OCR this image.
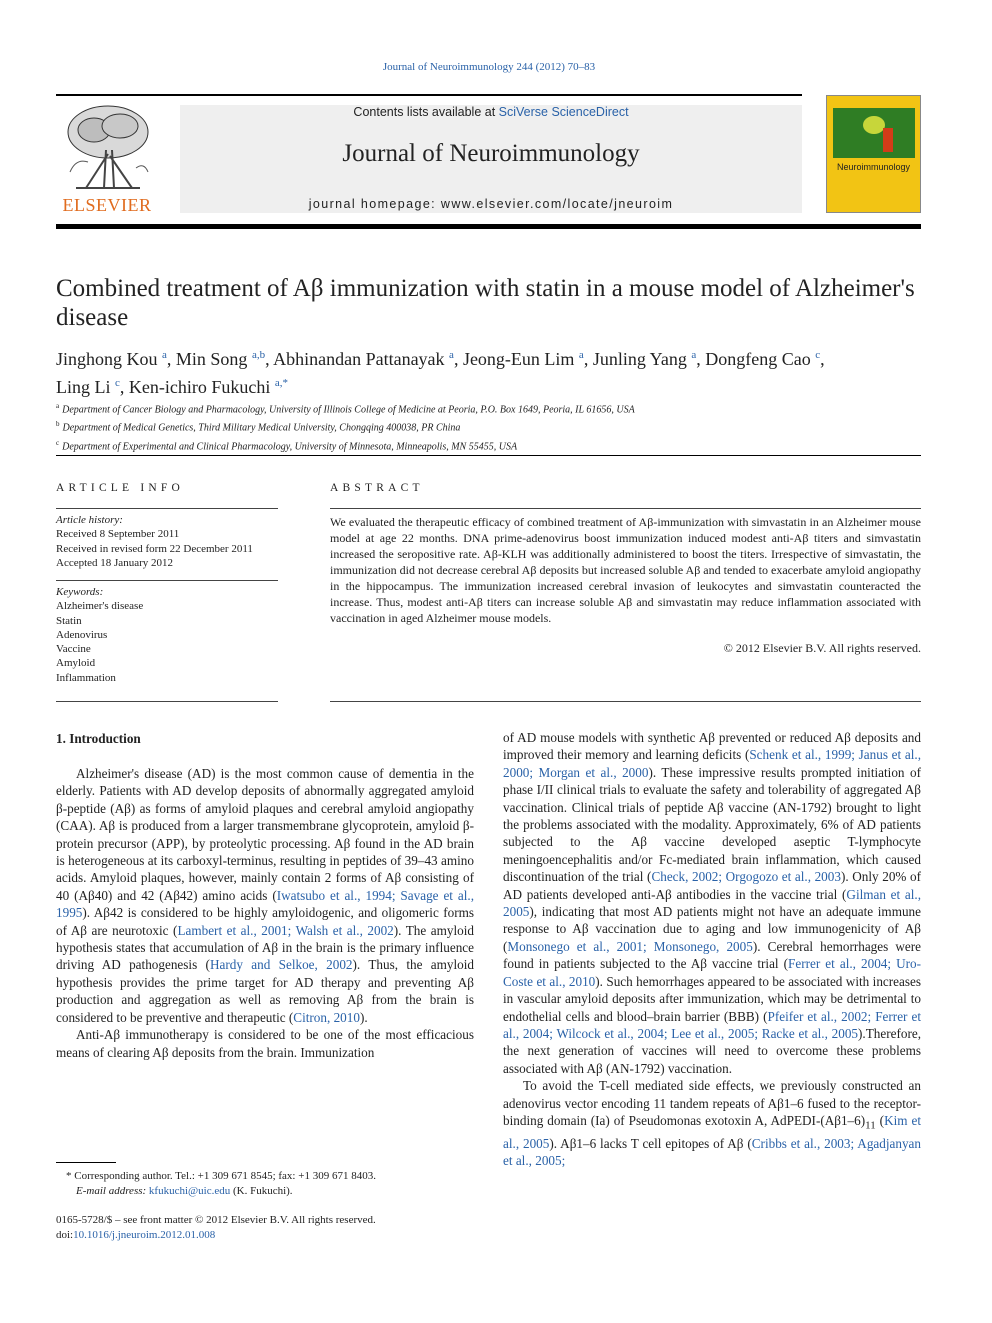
Journal of Neuroimmunology 244 (2012) 70–83
ELSEVIER
Contents lists available at SciVerse ScienceDirect
Journal of Neuroimmunology
journal homepage: www.elsevier.com/locate/jneuroim
Neuroimmunology
Combined treatment of Aβ immunization with statin in a mouse model of Alzheimer's disease
Jinghong Kou $^a$, Min Song $^{a,b}$, Abhinandan Pattanayak $^a$, Jeong-Eun Lim $^a$, Junling Yang $^a$, Dongfeng Cao $^c$,
Ling Li $^c$, Ken-ichiro Fukuchi $^{a,*}$
$^a$ Department of Cancer Biology and Pharmacology, University of Illinois College of Medicine at Peoria, P.O. Box 1649, Peoria, IL 61656, USA
$^b$ Department of Medical Genetics, Third Military Medical University, Chongqing 400038, PR China
$^c$ Department of Experimental and Clinical Pharmacology, University of Minnesota, Minneapolis, MN 55455, USA
ARTICLE INFO	ABSTRACT
Article history:
Received 8 September 2011
Received in revised form 22 December 2011
Accepted 18 January 2012
Keywords:
Alzheimer's disease
Statin
Adenovirus
Vaccine
Amyloid
Inflammation
We evaluated the therapeutic efficacy of combined treatment of Aβ-immunization with simvastatin in an Alzheimer mouse model at age 22 months. DNA prime-adenovirus boost immunization induced modest anti-Aβ titers and simvastatin increased the seropositive rate. Aβ-KLH was additionally administered to boost the titers. Irrespective of simvastatin, the immunization did not decrease cerebral Aβ deposits but increased soluble Aβ and tended to exacerbate amyloid angiopathy in the hippocampus. The immunization increased cerebral invasion of leukocytes and simvastatin counteracted the increase. Thus, modest anti-Aβ titers can increase soluble Aβ and simvastatin may reduce inflammation associated with vaccination in aged Alzheimer mouse models.
© 2012 Elsevier B.V. All rights reserved.
1. Introduction

Alzheimer's disease (AD) is the most common cause of dementia in the elderly. Patients with AD develop deposits of abnormally aggregated amyloid β-peptide (Aβ) as forms of amyloid plaques and cerebral amyloid angiopathy (CAA). Aβ is produced from a larger transmembrane glycoprotein, amyloid β-protein precursor (APP), by proteolytic processing. Aβ found in the AD brain is heterogeneous at its carboxyl-terminus, resulting in peptides of 39–43 amino acids. Amyloid plaques, however, mainly contain 2 forms of Aβ consisting of 40 (Aβ40) and 42 (Aβ42) amino acids (Iwatsubo et al., 1994; Savage et al., 1995). Aβ42 is considered to be highly amyloidogenic, and oligomeric forms of Aβ are neurotoxic (Lambert et al., 2001; Walsh et al., 2002). The amyloid hypothesis states that accumulation of Aβ in the brain is the primary influence driving AD pathogenesis (Hardy and Selkoe, 2002). Thus, the amyloid hypothesis provides the prime target for AD therapy and preventing Aβ production and aggregation as well as removing Aβ from the brain is considered to be preventive and therapeutic (Citron, 2010).

Anti-Aβ immunotherapy is considered to be one of the most efficacious means of clearing Aβ deposits from the brain. Immunization

of AD mouse models with synthetic Aβ prevented or reduced Aβ deposits and improved their memory and learning deficits (Schenk et al., 1999; Janus et al., 2000; Morgan et al., 2000). These impressive results prompted initiation of phase I/II clinical trials to evaluate the safety and tolerability of aggregated Aβ vaccination. Clinical trials of peptide Aβ vaccine (AN-1792) brought to light the problems associated with the modality. Approximately, 6% of AD patients subjected to the Aβ vaccine developed aseptic T-lymphocyte meningoencephalitis and/or Fc-mediated brain inflammation, which caused discontinuation of the trial (Check, 2002; Orgogozo et al., 2003). Only 20% of AD patients developed anti-Aβ antibodies in the vaccine trial (Gilman et al., 2005), indicating that most AD patients might not have an adequate immune response to Aβ vaccination due to aging and low immunogenicity of Aβ (Monsonego et al., 2001; Monsonego, 2005). Cerebral hemorrhages were found in patients subjected to the Aβ vaccine trial (Ferrer et al., 2004; Uro-Coste et al., 2010). Such hemorrhages appeared to be associated with increases in vascular amyloid deposits after immunization, which may be detrimental to endothelial cells and blood–brain barrier (BBB) (Pfeifer et al., 2002; Ferrer et al., 2004; Wilcock et al., 2004; Lee et al., 2005; Racke et al., 2005).Therefore, the next generation of vaccines will need to overcome these problems associated with Aβ (AN-1792) vaccination.

To avoid the T-cell mediated side effects, we previously constructed an adenovirus vector encoding 11 tandem repeats of Aβ1–6 fused to the receptor-binding domain (Ia) of Pseudomonas exotoxin A, AdPEDI-$(A\beta 1-6)_{11}$ (Kim et al., 2005). Aβ1–6 lacks T cell epitopes of Aβ (Cribbs et al., 2003; Agadjanyan et al., 2005;

* Corresponding author. Tel.: +1 309 671 8545; fax: +1 309 671 8403.
E-mail address: kfukuchi@uic.edu (K. Fukuchi).
0165-5728/$ – see front matter © 2012 Elsevier B.V. All rights reserved.
doi:10.1016/j.jneuroim.2012.01.008
